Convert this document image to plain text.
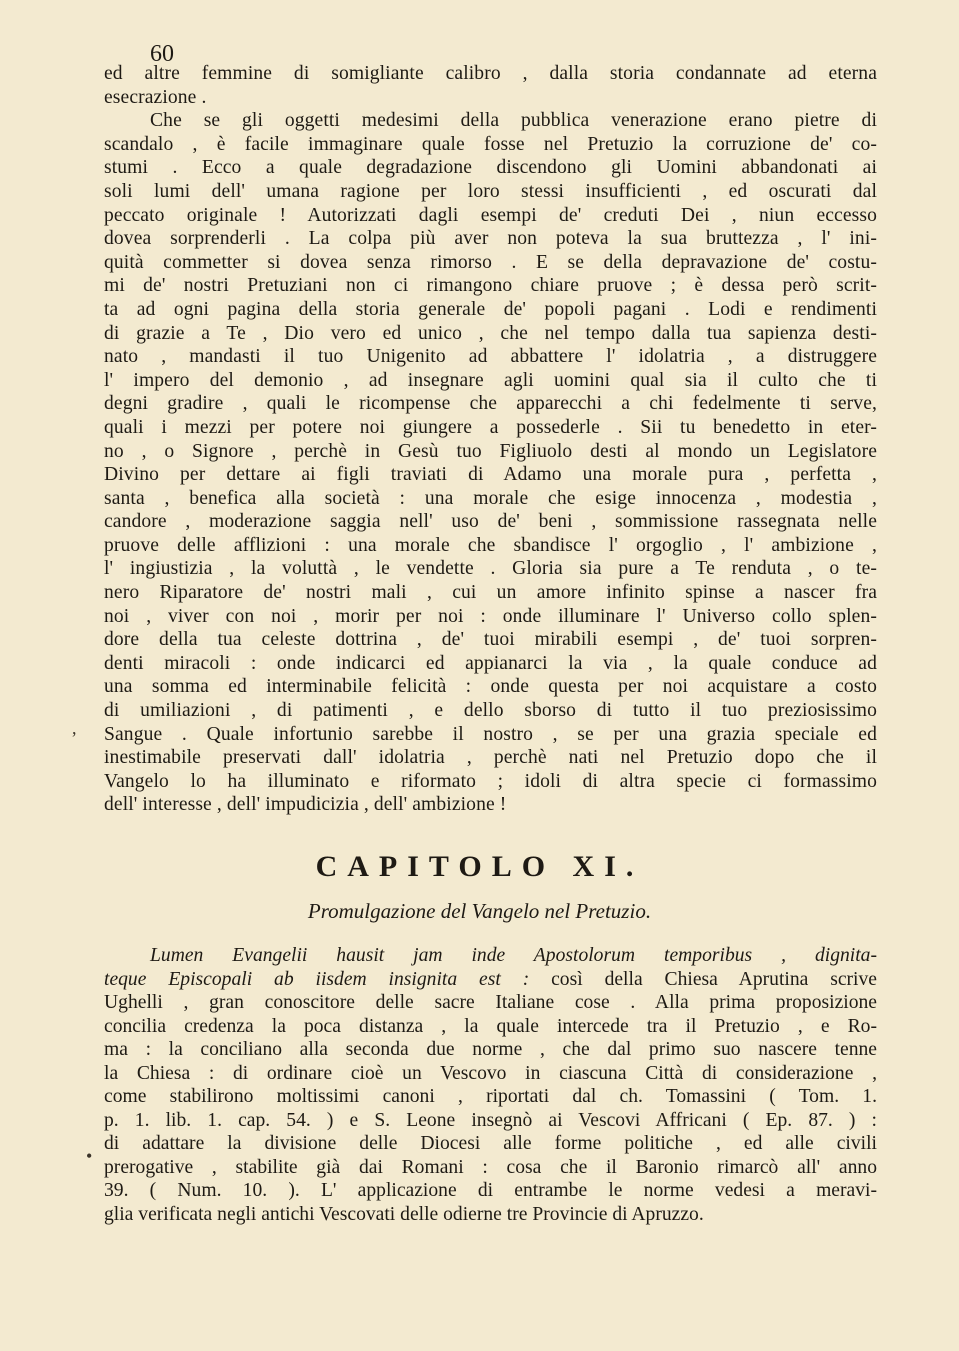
60
ed altre femmine di somigliante calibro , dalla storia condannate ad eterna
esecrazione .
Che se gli oggetti medesimi della pubblica venerazione erano pietre di
scandalo , è facile immaginare quale fosse nel Pretuzio la corruzione de' co-
stumi . Ecco a quale degradazione discendono gli Uomini abbandonati ai
soli lumi dell' umana ragione per loro stessi insufficienti , ed oscurati dal
peccato originale ! Autorizzati dagli esempi de' creduti Dei , niun eccesso
dovea sorprenderli . La colpa più aver non poteva la sua bruttezza , l' ini-
quità commetter si dovea senza rimorso . E se della depravazione de' costu-
mi de' nostri Pretuziani non ci rimangono chiare pruove ; è dessa però scrit-
ta ad ogni pagina della storia generale de' popoli pagani . Lodi e rendimenti
di grazie a Te , Dio vero ed unico , che nel tempo dalla tua sapienza desti-
nato , mandasti il tuo Unigenito ad abbattere l' idolatria , a distruggere
l' impero del demonio , ad insegnare agli uomini qual sia il culto che ti
degni gradire , quali le ricompense che apparecchi a chi fedelmente ti serve,
quali i mezzi per potere noi giungere a possederle . Sii tu benedetto in eter-
no , o Signore , perchè in Gesù tuo Figliuolo desti al mondo un Legislatore
Divino per dettare ai figli traviati di Adamo una morale pura , perfetta ,
santa , benefica alla società : una morale che esige innocenza , modestia ,
candore , moderazione saggia nell' uso de' beni , sommissione rassegnata nelle
pruove delle afflizioni : una morale che sbandisce l' orgoglio , l' ambizione ,
l' ingiustizia , la voluttà , le vendette . Gloria sia pure a Te renduta , o te-
nero Riparatore de' nostri mali , cui un amore infinito spinse a nascer fra
noi , viver con noi , morir per noi : onde illuminare l' Universo collo splen-
dore della tua celeste dottrina , de' tuoi mirabili esempi , de' tuoi sorpren-
denti miracoli : onde indicarci ed appianarci la via , la quale conduce ad
una somma ed interminabile felicità : onde questa per noi acquistare a costo
di umiliazioni , di patimenti , e dello sborso di tutto il tuo preziosissimo
Sangue . Quale infortunio sarebbe il nostro , se per una grazia speciale ed
inestimabile preservati dall' idolatria , perchè nati nel Pretuzio dopo che il
Vangelo lo ha illuminato e riformato ; idoli di altra specie ci formassimo
dell' interesse , dell' impudicizia , dell' ambizione !
CAPITOLO XI.
Promulgazione del Vangelo nel Pretuzio.
Lumen Evangelii hausit jam inde Apostolorum temporibus , dignita-
teque Episcopali ab iisdem insignita est : così della Chiesa Aprutina scrive
Ughelli , gran conoscitore delle sacre Italiane cose . Alla prima proposizione
concilia credenza la poca distanza , la quale intercede tra il Pretuzio , e Ro-
ma : la conciliano alla seconda due norme , che dal primo suo nascere tenne
la Chiesa : di ordinare cioè un Vescovo in ciascuna Città di considerazione ,
come stabilirono moltissimi canoni , riportati dal ch. Tomassini ( Tom. 1.
p. 1. lib. 1. cap. 54. ) e S. Leone insegnò ai Vescovi Affricani ( Ep. 87. ) :
di adattare la divisione delle Diocesi alle forme politiche , ed alle civili
prerogative , stabilite già dai Romani : cosa che il Baronio rimarcò all' anno
39. ( Num. 10. ). L' applicazione di entrambe le norme vedesi a meravi-
glia verificata negli antichi Vescovati delle odierne tre Provincie di Apruzzo.
,
•
